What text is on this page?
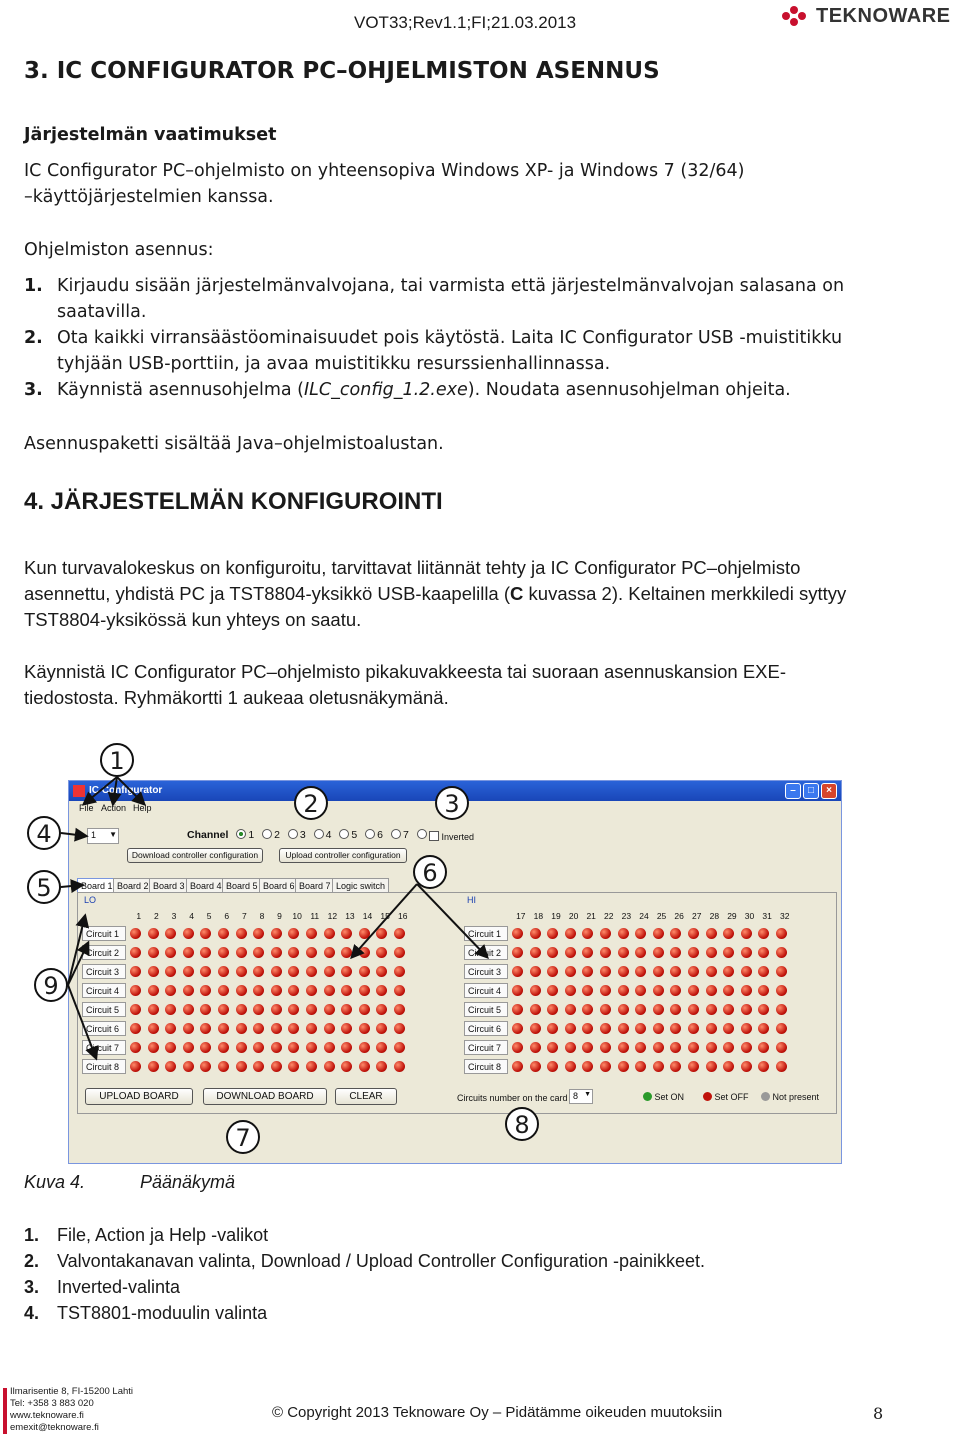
VOT33;Rev1.1;FI;21.03.2013	TEKNOWARE
3. IC CONFIGURATOR PC–OHJELMISTON ASENNUS
Järjestelmän vaatimukset
IC Configurator PC–ohjelmisto on yhteensopiva Windows XP- ja Windows 7 (32/64)
–käyttöjärjestelmien kanssa.
Ohjelmiston asennus:
1. Kirjaudu sisään järjestelmänvalvojana, tai varmista että järjestelmänvalvojan salasana on
saatavilla.
2. Ota kaikki virransäästöominaisuudet pois käytöstä. Laita IC Configurator USB -muistitikku
tyhjään USB-porttiin, ja avaa muistitikku resurssienhallinnassa.
3. Käynnistä asennusohjelma (ILC_config_1.2.exe). Noudata asennusohjelman ohjeita.
Asennuspaketti sisältää Java–ohjelmistoalustan.
4. JÄRJESTELMÄN KONFIGUROINTI
Kun turvavalokeskus on konfiguroitu, tarvittavat liitännät tehty ja IC Configurator PC–ohjelmisto
asennettu, yhdistä PC ja TST8804-yksikkö USB-kaapelilla (C kuvassa 2). Keltainen merkkiledi syttyy
TST8804-yksikössä kun yhteys on saatu.
Käynnistä IC Configurator PC–ohjelmisto pikakuvakkeesta tai suoraan asennuskansion EXE-
tiedostosta. Ryhmäkortti 1 aukeaa oletusnäkymänä.
IC Configurator	–	□	×
File Action Help
1 ▼	Channel 1 2 3 4 5 6 7	Inverted
Download controller configuration	Upload controller configuration
Board 1 Board 2 Board 3 Board 4 Board 5 Board 6 Board 7 Logic switch
LO	HI
1	2	3	4	5	6	7	8	9	10 11 12 13 14 15 16	17 18 19 20 21 22 23 24 25 26 27 28 29 30 31 32
Circuit 1
Circuit 2
Circuit 3
Circuit 4
Circuit 5
Circuit 6
Circuit 7
Circuit 8
Circuit 1
Circuit 2
Circuit 3
Circuit 4
Circuit 5
Circuit 6
Circuit 7
Circuit 8
UPLOAD BOARD	DOWNLOAD BOARD	CLEAR	Circuits number on the card 8 ▼	Set ON	Set OFF	Not present
1
2	3
4
5
6
7	8
9
Kuva 4.	Päänäkymä
1. File, Action ja Help -valikot
2. Valvontakanavan valinta, Download / Upload Controller Configuration -painikkeet.
3. Inverted-valinta
4. TST8801-moduulin valinta
Ilmarisentie 8, FI-15200 Lahti
Tel: +358 3 883 020
www.teknoware.fi
emexit@teknoware.fi
© Copyright 2013 Teknoware Oy – Pidätämme oikeuden muutoksiin	8
